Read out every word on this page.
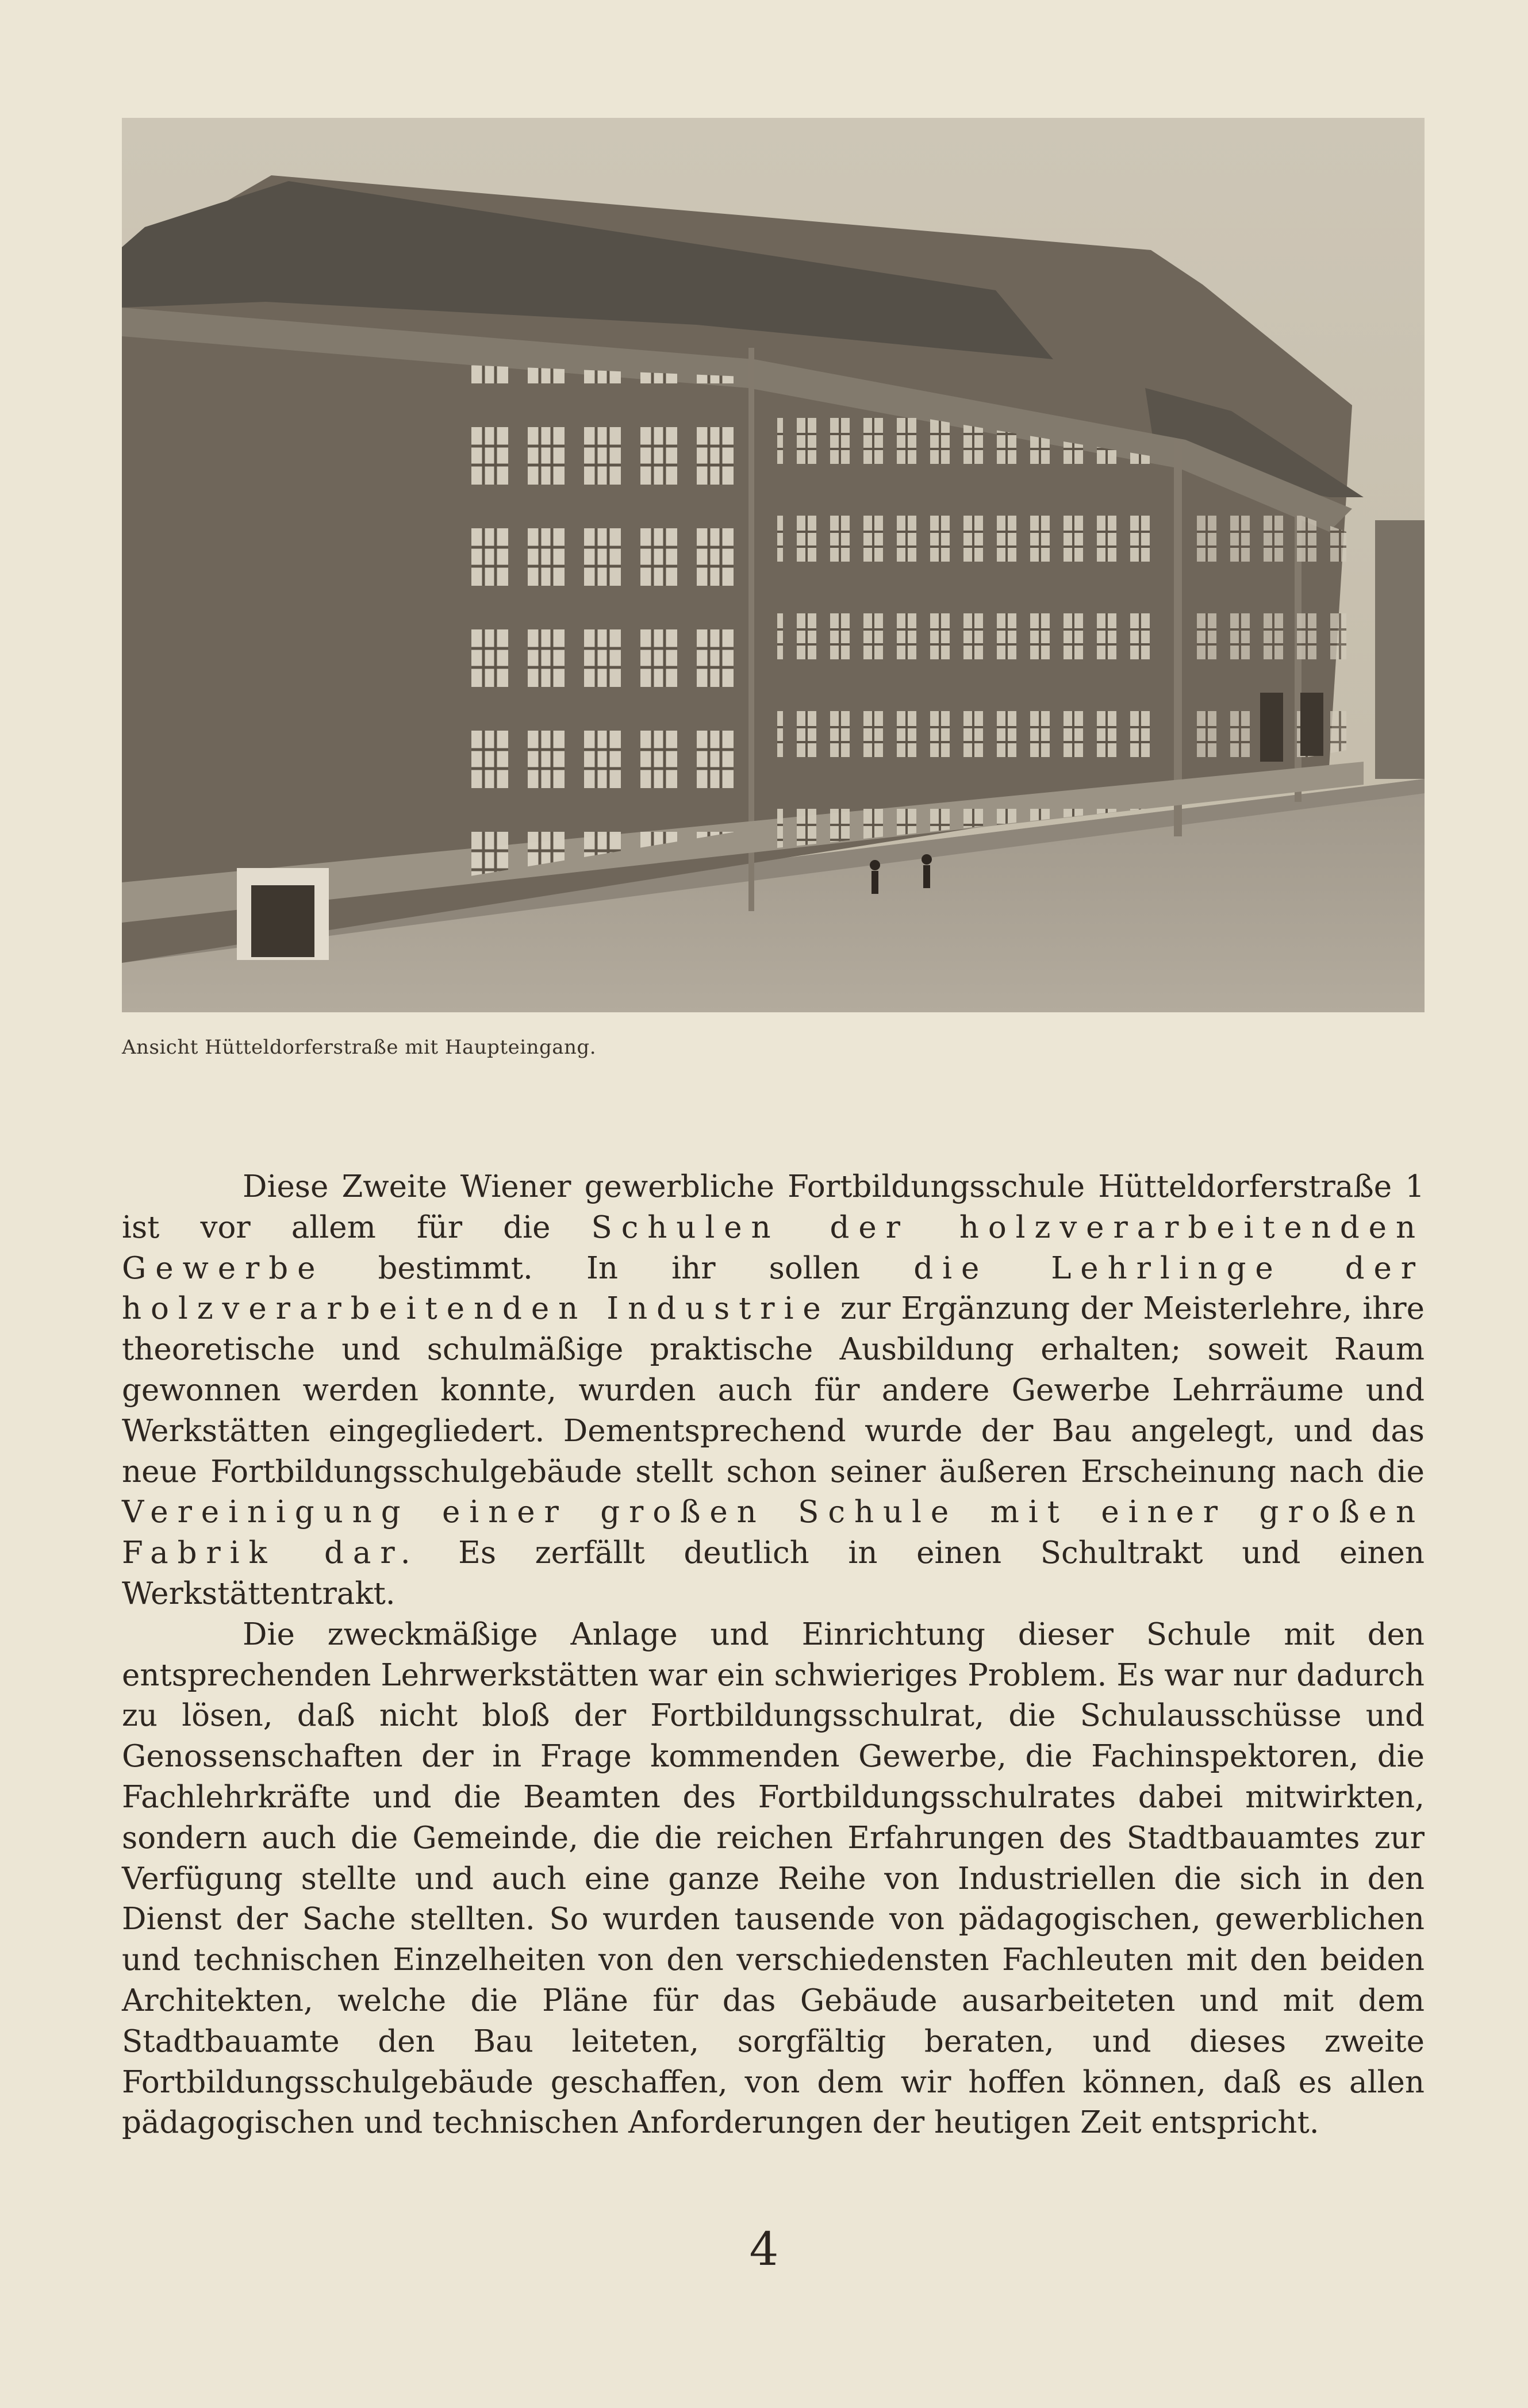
Ansicht Hütteldorferstraße mit Haupteingang.

Diese Zweite Wiener gewerbliche Fortbildungsschule Hütteldorferstraße 1 ist vor allem für die Schulen der holzverarbeitenden Gewerbe bestimmt. In ihr sollen die Lehrlinge der holzverarbeitenden Industrie zur Ergänzung der Meisterlehre, ihre theoretische und schulmäßige praktische Ausbildung erhalten; soweit Raum gewonnen werden konnte, wurden auch für andere Gewerbe Lehrräume und Werkstätten eingegliedert. Dementsprechend wurde der Bau angelegt, und das neue Fortbildungsschulgebäude stellt schon seiner äußeren Erscheinung nach die Vereinigung einer großen Schule mit einer großen Fabrik dar. Es zerfällt deutlich in einen Schultrakt und einen Werkstättentrakt.

Die zweckmäßige Anlage und Einrichtung dieser Schule mit den entsprechenden Lehrwerkstätten war ein schwieriges Problem. Es war nur dadurch zu lösen, daß nicht bloß der Fortbildungsschulrat, die Schulausschüsse und Genossenschaften der in Frage kommenden Gewerbe, die Fachinspektoren, die Fachlehrkräfte und die Beamten des Fortbildungsschulrates dabei mitwirkten, sondern auch die Gemeinde, die die reichen Erfahrungen des Stadtbauamtes zur Verfügung stellte und auch eine ganze Reihe von Industriellen die sich in den Dienst der Sache stellten. So wurden tausende von pädagogischen, gewerblichen und technischen Einzelheiten von den verschiedensten Fachleuten mit den beiden Architekten, welche die Pläne für das Gebäude ausarbeiteten und mit dem Stadtbauamte den Bau leiteten, sorgfältig beraten, und dieses zweite Fortbildungsschulgebäude geschaffen, von dem wir hoffen können, daß es allen pädagogischen und technischen Anforderungen der heutigen Zeit entspricht.

4
